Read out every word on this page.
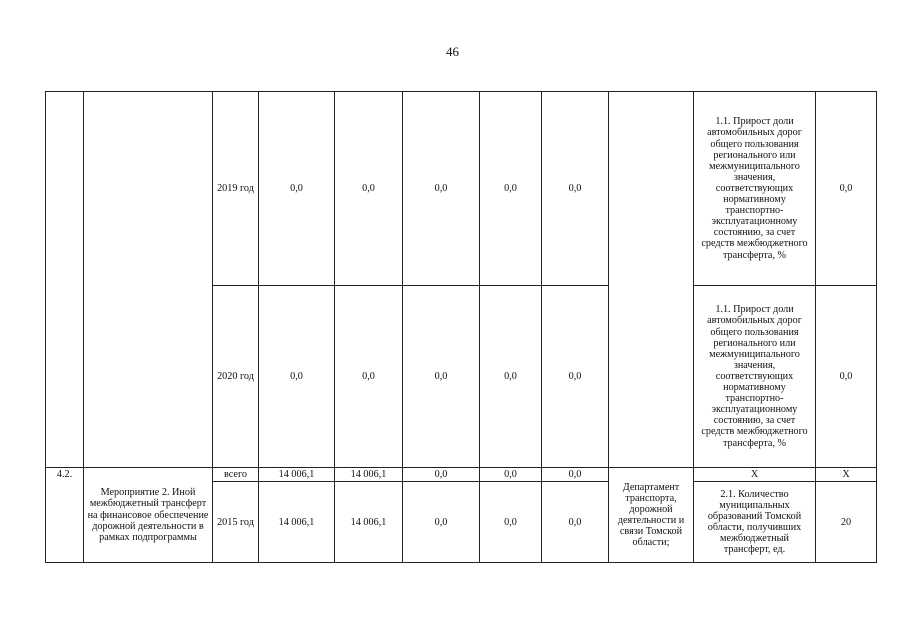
46
		2019 год	0,0	0,0	0,0	0,0	0,0		1.1. Прирост доли автомобильных дорог общего пользования регионального или межмуниципального значения, соответствующих нормативному транспортно-эксплуатационному состоянию, за счет средств межбюджетного трансферта, %	0,0
		2020 год	0,0	0,0	0,0	0,0	0,0		1.1. Прирост доли автомобильных дорог общего пользования регионального или межмуниципального значения, соответствующих нормативному транспортно-эксплуатационному состоянию, за счет средств межбюджетного трансферта, %	0,0
4.2.	Мероприятие 2. Иной межбюджетный трансферт на финансовое обеспечение дорожной деятельности в рамках подпрограммы	всего	14 006,1	14 006,1	0,0	0,0	0,0	Департамент транспорта, дорожной деятельности и связи Томской области;	X	X
		2015 год	14 006,1	14 006,1	0,0	0,0	0,0		2.1. Количество муниципальных образований Томской области, получивших межбюджетный трансферт, ед.	20
